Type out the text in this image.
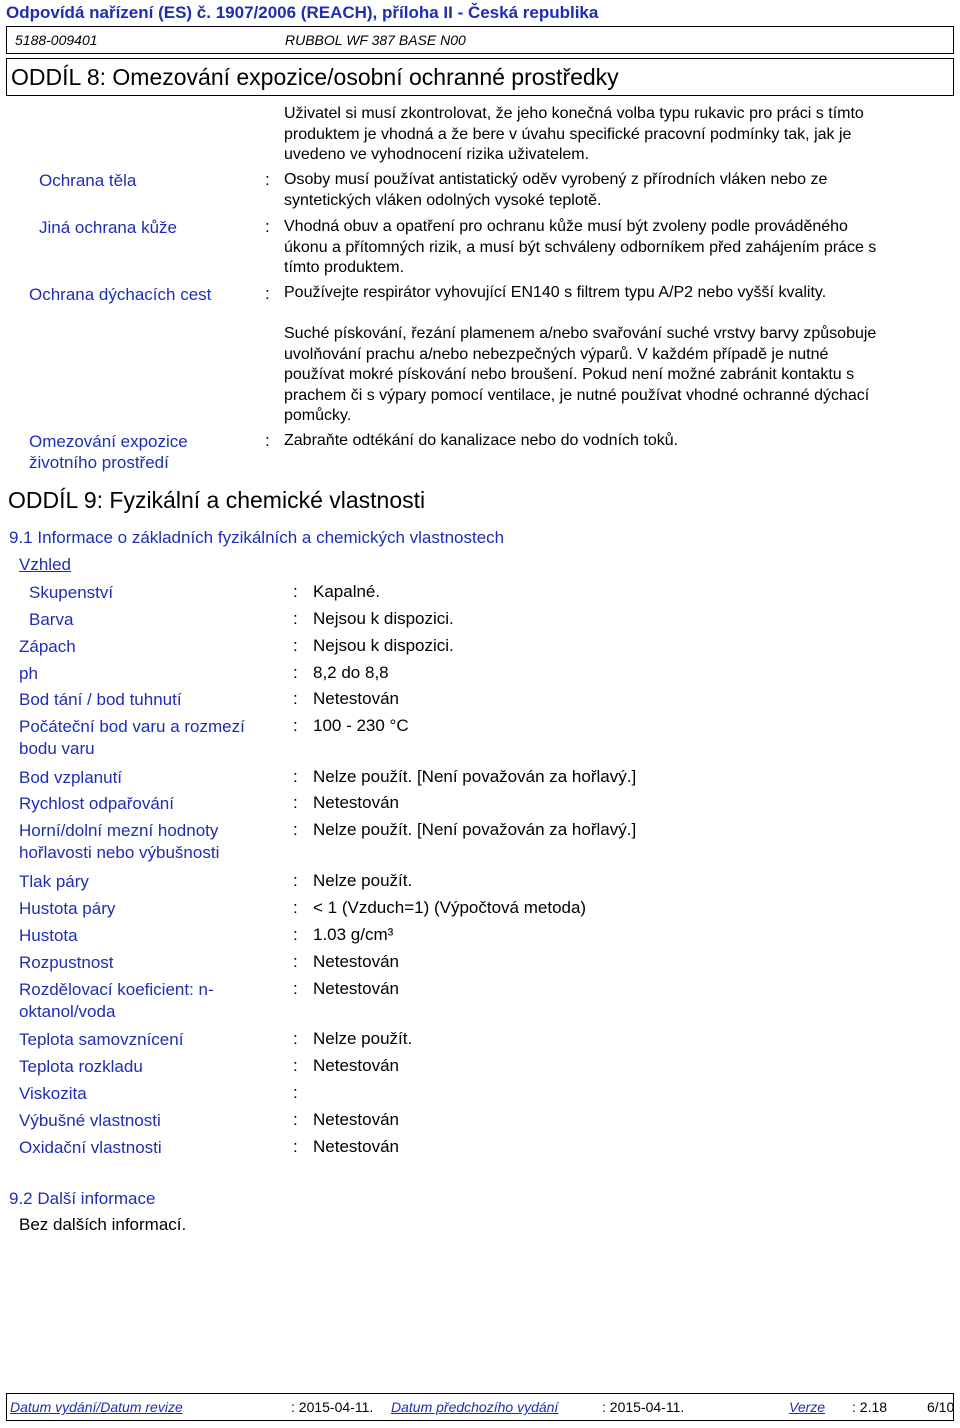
Odpovídá nařízení (ES) č. 1907/2006 (REACH), příloha II - Česká republika
5188-009401	RUBBOL WF 387 BASE N00
ODDÍL 8: Omezování expozice/osobní ochranné prostředky
Uživatel si musí zkontrolovat, že jeho konečná volba typu rukavic pro práci s tímto
produktem je vhodná a že bere v úvahu specifické pracovní podmínky tak, jak je
uvedeno ve vyhodnocení rizika uživatelem.
Ochrana těla	: Osoby musí používat antistatický oděv vyrobený z přírodních vláken nebo ze
syntetických vláken odolných vysoké teplotě.
Jiná ochrana kůže	: Vhodná obuv a opatření pro ochranu kůže musí být zvoleny podle prováděného
úkonu a přítomných rizik, a musí být schváleny odborníkem před zahájením práce s
tímto produktem.
Ochrana dýchacích cest	: Používejte respirátor vyhovující EN140 s filtrem typu A/P2 nebo vyšší kvality.
Suché pískování, řezání plamenem a/nebo svařování suché vrstvy barvy způsobuje
uvolňování prachu a/nebo nebezpečných výparů. V každém případě je nutné
používat mokré pískování nebo broušení. Pokud není možné zabránit kontaktu s
prachem či s výpary pomocí ventilace, je nutné používat vhodné ochranné dýchací
pomůcky.
Omezování expozice
životního prostředí
: Zabraňte odtékání do kanalizace nebo do vodních toků.
ODDÍL 9: Fyzikální a chemické vlastnosti
9.1 Informace o základních fyzikálních a chemických vlastnostech
Vzhled
Skupenství	: Kapalné.
Barva	: Nejsou k dispozici.
Zápach	: Nejsou k dispozici.
ph	: 8,2 do 8,8
Bod tání / bod tuhnutí	: Netestován
Počáteční bod varu a rozmezí
bodu varu
: 100 - 230 °C
Bod vzplanutí	: Nelze použít. [Není považován za hořlavý.]
Rychlost odpařování	: Netestován
Horní/dolní mezní hodnoty
hořlavosti nebo výbušnosti
: Nelze použít. [Není považován za hořlavý.]
Tlak páry	: Nelze použít.
Hustota páry	: < 1 (Vzduch=1) (Výpočtová metoda)
Hustota	: 1.03 g/cm³
Rozpustnost	: Netestován
Rozdělovací koeficient: n-
oktanol/voda
: Netestován
Teplota samovznícení	: Nelze použít.
Teplota rozkladu	: Netestován
Viskozita	:
Výbušné vlastnosti	: Netestován
Oxidační vlastnosti	: Netestován
9.2 Další informace
Bez dalších informací.
Datum vydání/Datum revize	: 2015-04-11. Datum předchozího vydání	: 2015-04-11.	Verze : 2.18	6/10
